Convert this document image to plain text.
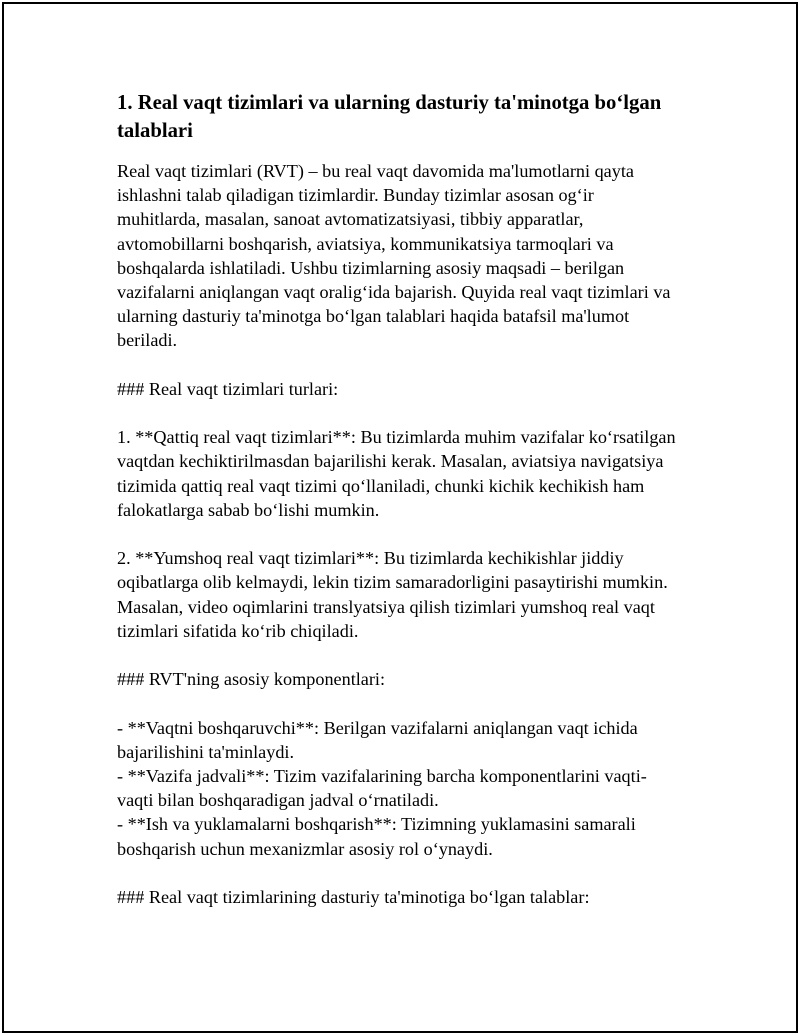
1. Real vaqt tizimlari va ularning dasturiy ta'minotga bo‘lgan
talablari

Real vaqt tizimlari (RVT) – bu real vaqt davomida ma'lumotlarni qayta
ishlashni talab qiladigan tizimlardir. Bunday tizimlar asosan og‘ir
muhitlarda, masalan, sanoat avtomatizatsiyasi, tibbiy apparatlar,
avtomobillarni boshqarish, aviatsiya, kommunikatsiya tarmoqlari va
boshqalarda ishlatiladi. Ushbu tizimlarning asosiy maqsadi – berilgan
vazifalarni aniqlangan vaqt oralig‘ida bajarish. Quyida real vaqt tizimlari va
ularning dasturiy ta'minotga bo‘lgan talablari haqida batafsil ma'lumot
beriladi.

### Real vaqt tizimlari turlari:

1. **Qattiq real vaqt tizimlari**: Bu tizimlarda muhim vazifalar ko‘rsatilgan
vaqtdan kechiktirilmasdan bajarilishi kerak. Masalan, aviatsiya navigatsiya
tizimida qattiq real vaqt tizimi qo‘llaniladi, chunki kichik kechikish ham
falokatlarga sabab bo‘lishi mumkin.

2. **Yumshoq real vaqt tizimlari**: Bu tizimlarda kechikishlar jiddiy
oqibatlarga olib kelmaydi, lekin tizim samaradorligini pasaytirishi mumkin.
Masalan, video oqimlarini translyatsiya qilish tizimlari yumshoq real vaqt
tizimlari sifatida ko‘rib chiqiladi.

### RVT'ning asosiy komponentlari:

- **Vaqtni boshqaruvchi**: Berilgan vazifalarni aniqlangan vaqt ichida
bajarilishini ta'minlaydi.
- **Vazifa jadvali**: Tizim vazifalarining barcha komponentlarini vaqti-
vaqti bilan boshqaradigan jadval o‘rnatiladi.
- **Ish va yuklamalarni boshqarish**: Tizimning yuklamasini samarali
boshqarish uchun mexanizmlar asosiy rol o‘ynaydi.

### Real vaqt tizimlarining dasturiy ta'minotiga bo‘lgan talablar:
